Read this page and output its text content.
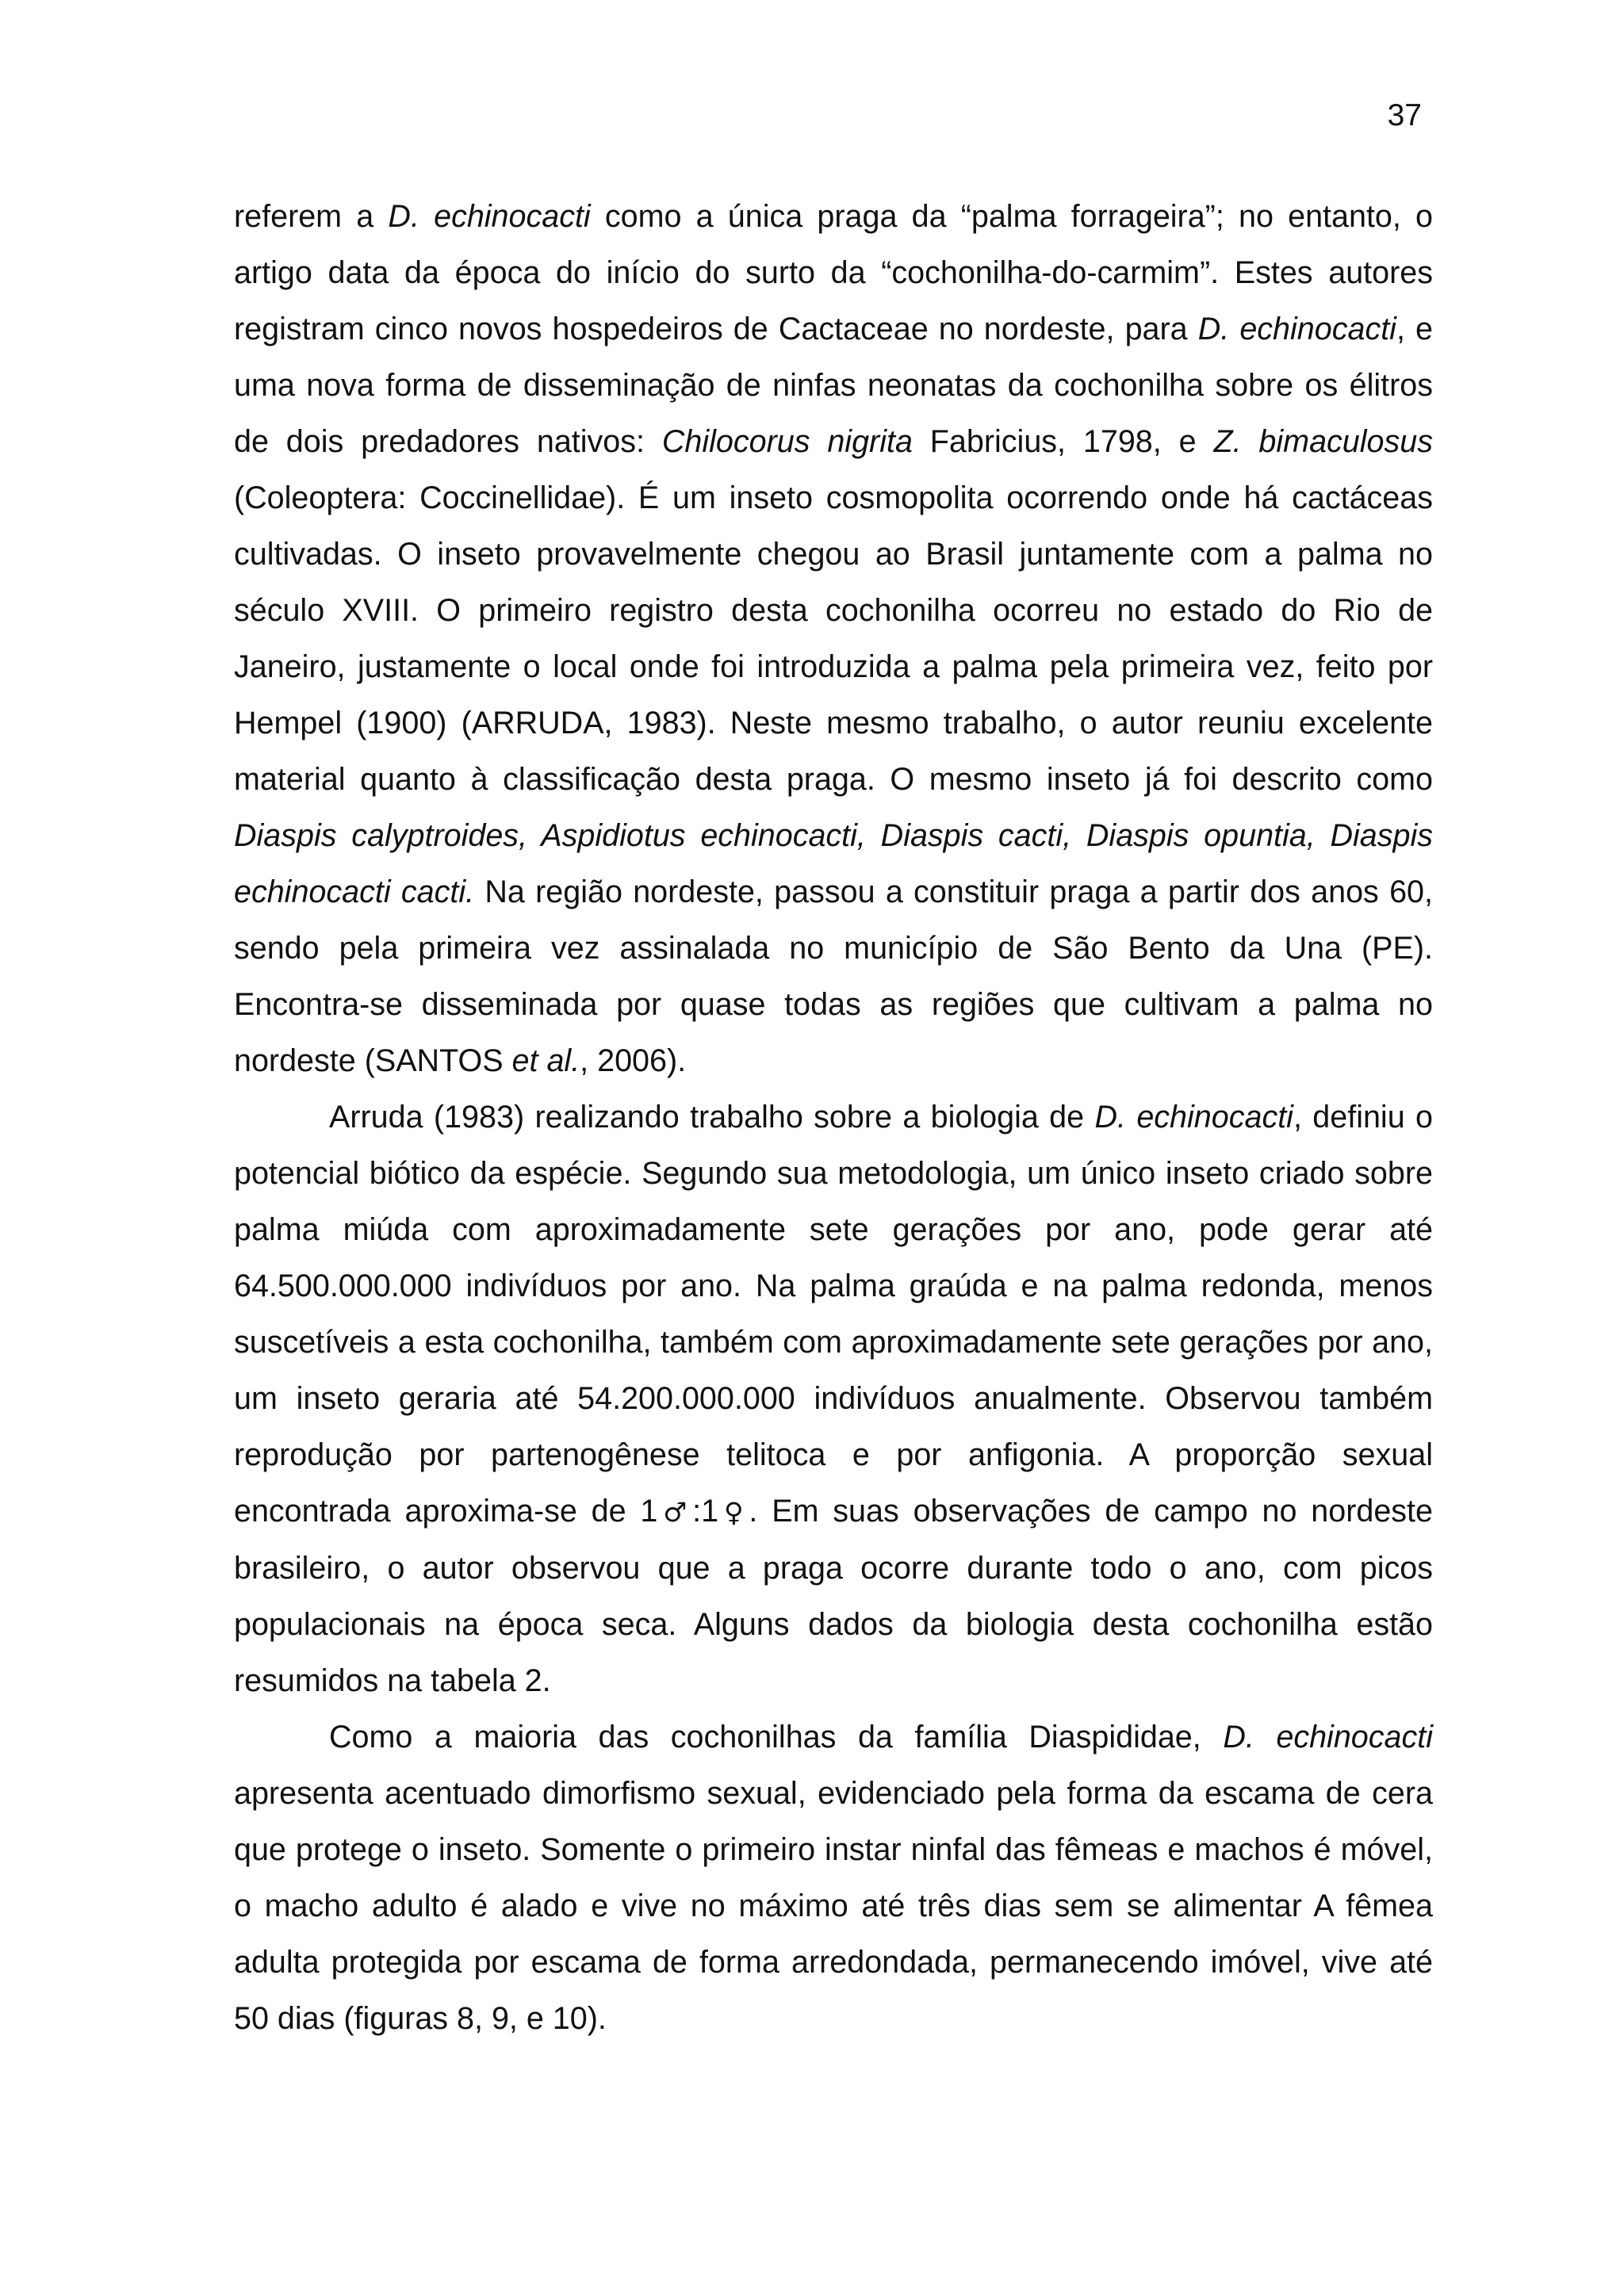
37

referem a D. echinocacti como a única praga da “palma forrageira”; no entanto, o artigo data da época do início do surto da “cochonilha-do-carmim”. Estes autores registram cinco novos hospedeiros de Cactaceae no nordeste, para D. echinocacti, e uma nova forma de disseminação de ninfas neonatas da cochonilha sobre os élitros de dois predadores nativos: Chilocorus nigrita Fabricius, 1798, e Z. bimaculosus (Coleoptera: Coccinellidae). É um inseto cosmopolita ocorrendo onde há cactáceas cultivadas. O inseto provavelmente chegou ao Brasil juntamente com a palma no século XVIII. O primeiro registro desta cochonilha ocorreu no estado do Rio de Janeiro, justamente o local onde foi introduzida a palma pela primeira vez, feito por Hempel (1900) (ARRUDA, 1983). Neste mesmo trabalho, o autor reuniu excelente material quanto à classificação desta praga. O mesmo inseto já foi descrito como Diaspis calyptroides, Aspidiotus echinocacti, Diaspis cacti, Diaspis opuntia, Diaspis echinocacti cacti. Na região nordeste, passou a constituir praga a partir dos anos 60, sendo pela primeira vez assinalada no município de São Bento da Una (PE). Encontra-se disseminada por quase todas as regiões que cultivam a palma no nordeste (SANTOS et al., 2006).

Arruda (1983) realizando trabalho sobre a biologia de D. echinocacti, definiu o potencial biótico da espécie. Segundo sua metodologia, um único inseto criado sobre palma miúda com aproximadamente sete gerações por ano, pode gerar até 64.500.000.000 indivíduos por ano. Na palma graúda e na palma redonda, menos suscetíveis a esta cochonilha, também com aproximadamente sete gerações por ano, um inseto geraria até 54.200.000.000 indivíduos anualmente. Observou também reprodução por partenogênese telitoca e por anfigonia. A proporção sexual encontrada aproxima-se de 1♂:1♀. Em suas observações de campo no nordeste brasileiro, o autor observou que a praga ocorre durante todo o ano, com picos populacionais na época seca. Alguns dados da biologia desta cochonilha estão resumidos na tabela 2.

Como a maioria das cochonilhas da família Diaspididae, D. echinocacti apresenta acentuado dimorfismo sexual, evidenciado pela forma da escama de cera que protege o inseto. Somente o primeiro instar ninfal das fêmeas e machos é móvel, o macho adulto é alado e vive no máximo até três dias sem se alimentar A fêmea adulta protegida por escama de forma arredondada, permanecendo imóvel, vive até 50 dias (figuras 8, 9, e 10).
